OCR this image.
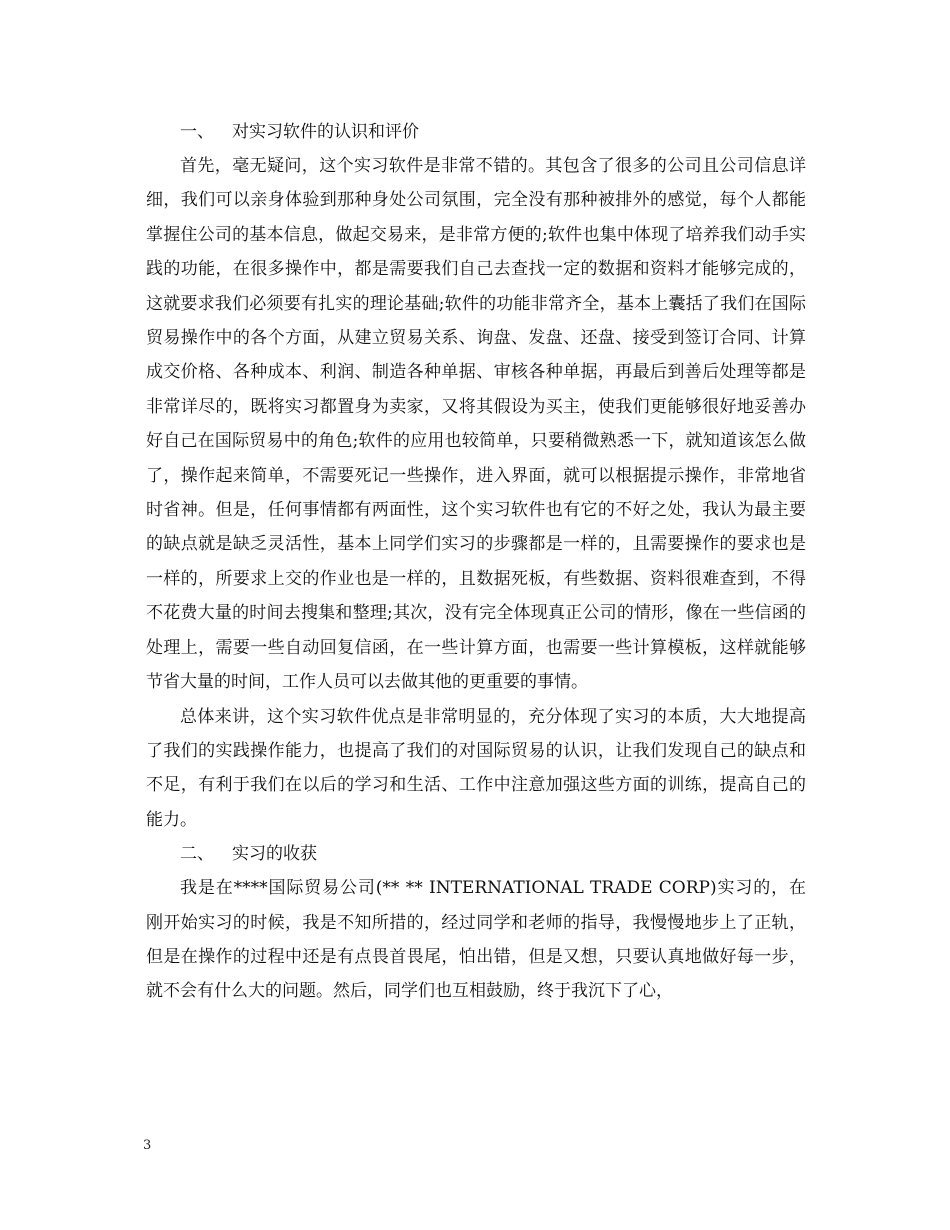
一、 对实习软件的认识和评价

首先，毫无疑问，这个实习软件是非常不错的。其包含了很多的公司且公司信息详细，我们可以亲身体验到那种身处公司氛围，完全没有那种被排外的感觉，每个人都能掌握住公司的基本信息，做起交易来，是非常方便的;软件也集中体现了培养我们动手实践的功能，在很多操作中，都是需要我们自己去查找一定的数据和资料才能够完成的，这就要求我们必须要有扎实的理论基础;软件的功能非常齐全，基本上囊括了我们在国际贸易操作中的各个方面，从建立贸易关系、询盘、发盘、还盘、接受到签订合同、计算成交价格、各种成本、利润、制造各种单据、审核各种单据，再最后到善后处理等都是非常详尽的，既将实习都置身为卖家，又将其假设为买主，使我们更能够很好地妥善办好自己在国际贸易中的角色;软件的应用也较简单，只要稍微熟悉一下，就知道该怎么做了，操作起来简单，不需要死记一些操作，进入界面，就可以根据提示操作，非常地省时省神。但是，任何事情都有两面性，这个实习软件也有它的不好之处，我认为最主要的缺点就是缺乏灵活性，基本上同学们实习的步骤都是一样的，且需要操作的要求也是一样的，所要求上交的作业也是一样的，且数据死板，有些数据、资料很难查到，不得不花费大量的时间去搜集和整理;其次，没有完全体现真正公司的情形，像在一些信函的处理上，需要一些自动回复信函，在一些计算方面，也需要一些计算模板，这样就能够节省大量的时间，工作人员可以去做其他的更重要的事情。

总体来讲，这个实习软件优点是非常明显的，充分体现了实习的本质，大大地提高了我们的实践操作能力，也提高了我们的对国际贸易的认识，让我们发现自己的缺点和不足，有利于我们在以后的学习和生活、工作中注意加强这些方面的训练，提高自己的能力。

二、 实习的收获

我是在****国际贸易公司(** ** INTERNATIONAL TRADE CORP)实习的，在刚开始实习的时候，我是不知所措的，经过同学和老师的指导，我慢慢地步上了正轨，但是在操作的过程中还是有点畏首畏尾，怕出错，但是又想，只要认真地做好每一步，就不会有什么大的问题。然后，同学们也互相鼓励，终于我沉下了心，

3
